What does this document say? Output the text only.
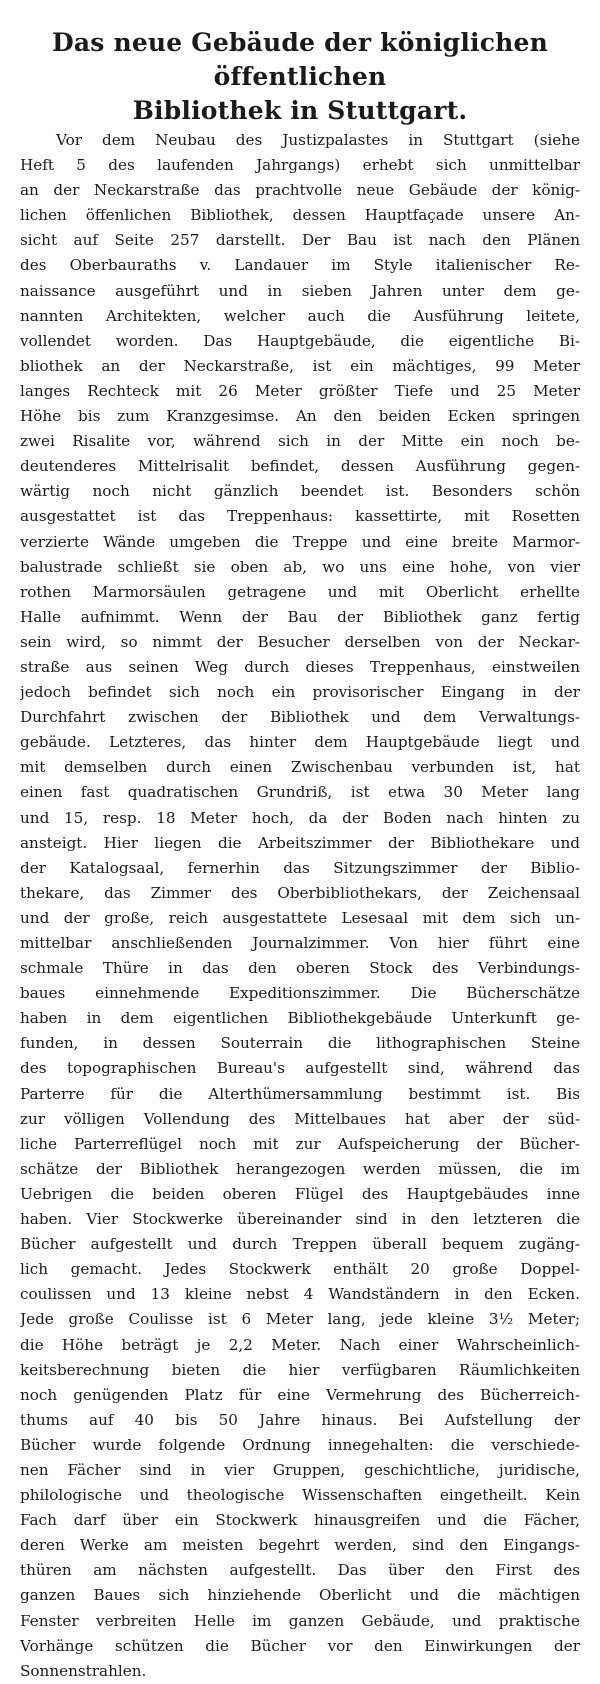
Das neue Gebäude der königlichen öffentlichen
Bibliothek in Stuttgart.
Vor dem Neubau des Justizpalastes in Stuttgart (siehe
Heft 5 des laufenden Jahrgangs) erhebt sich unmittelbar
an der Neckarstraße das prachtvolle neue Gebäude der könig-
lichen öffenlichen Bibliothek, dessen Hauptfaçade unsere An-
sicht auf Seite 257 darstellt. Der Bau ist nach den Plänen
des Oberbauraths v. Landauer im Style italienischer Re-
naissance ausgeführt und in sieben Jahren unter dem ge-
nannten Architekten, welcher auch die Ausführung leitete,
vollendet worden. Das Hauptgebäude, die eigentliche Bi-
bliothek an der Neckarstraße, ist ein mächtiges, 99 Meter
langes Rechteck mit 26 Meter größter Tiefe und 25 Meter
Höhe bis zum Kranzgesimse. An den beiden Ecken springen
zwei Risalite vor, während sich in der Mitte ein noch be-
deutenderes Mittelrisalit befindet, dessen Ausführung gegen-
wärtig noch nicht gänzlich beendet ist. Besonders schön
ausgestattet ist das Treppenhaus: kassettirte, mit Rosetten
verzierte Wände umgeben die Treppe und eine breite Marmor-
balustrade schließt sie oben ab, wo uns eine hohe, von vier
rothen Marmorsäulen getragene und mit Oberlicht erhellte
Halle aufnimmt. Wenn der Bau der Bibliothek ganz fertig
sein wird, so nimmt der Besucher derselben von der Neckar-
straße aus seinen Weg durch dieses Treppenhaus, einstweilen
jedoch befindet sich noch ein provisorischer Eingang in der
Durchfahrt zwischen der Bibliothek und dem Verwaltungs-
gebäude. Letzteres, das hinter dem Hauptgebäude liegt und
mit demselben durch einen Zwischenbau verbunden ist, hat
einen fast quadratischen Grundriß, ist etwa 30 Meter lang
und 15, resp. 18 Meter hoch, da der Boden nach hinten zu
ansteigt. Hier liegen die Arbeitszimmer der Bibliothekare und
der Katalogsaal, fernerhin das Sitzungszimmer der Biblio-
thekare, das Zimmer des Oberbibliothekars, der Zeichensaal
und der große, reich ausgestattete Lesesaal mit dem sich un-
mittelbar anschließenden Journalzimmer. Von hier führt eine
schmale Thüre in das den oberen Stock des Verbindungs-
baues einnehmende Expeditionszimmer. Die Bücherschätze
haben in dem eigentlichen Bibliothekgebäude Unterkunft ge-
funden, in dessen Souterrain die lithographischen Steine
des topographischen Bureau's aufgestellt sind, während das
Parterre für die Alterthümersammlung bestimmt ist. Bis
zur völligen Vollendung des Mittelbaues hat aber der süd-
liche Parterreflügel noch mit zur Aufspeicherung der Bücher-
schätze der Bibliothek herangezogen werden müssen, die im
Uebrigen die beiden oberen Flügel des Hauptgebäudes inne
haben. Vier Stockwerke übereinander sind in den letzteren die
Bücher aufgestellt und durch Treppen überall bequem zugäng-
lich gemacht. Jedes Stockwerk enthält 20 große Doppel-
coulissen und 13 kleine nebst 4 Wandständern in den Ecken.
Jede große Coulisse ist 6 Meter lang, jede kleine 3½ Meter;
die Höhe beträgt je 2,2 Meter. Nach einer Wahrscheinlich-
keitsberechnung bieten die hier verfügbaren Räumlichkeiten
noch genügenden Platz für eine Vermehrung des Bücherreich-
thums auf 40 bis 50 Jahre hinaus. Bei Aufstellung der
Bücher wurde folgende Ordnung innegehalten: die verschiede-
nen Fächer sind in vier Gruppen, geschichtliche, juridische,
philologische und theologische Wissenschaften eingetheilt. Kein
Fach darf über ein Stockwerk hinausgreifen und die Fächer,
deren Werke am meisten begehrt werden, sind den Eingangs-
thüren am nächsten aufgestellt. Das über den First des
ganzen Baues sich hinziehende Oberlicht und die mächtigen
Fenster verbreiten Helle im ganzen Gebäude, und praktische
Vorhänge schützen die Bücher vor den Einwirkungen der
Sonnenstrahlen.
